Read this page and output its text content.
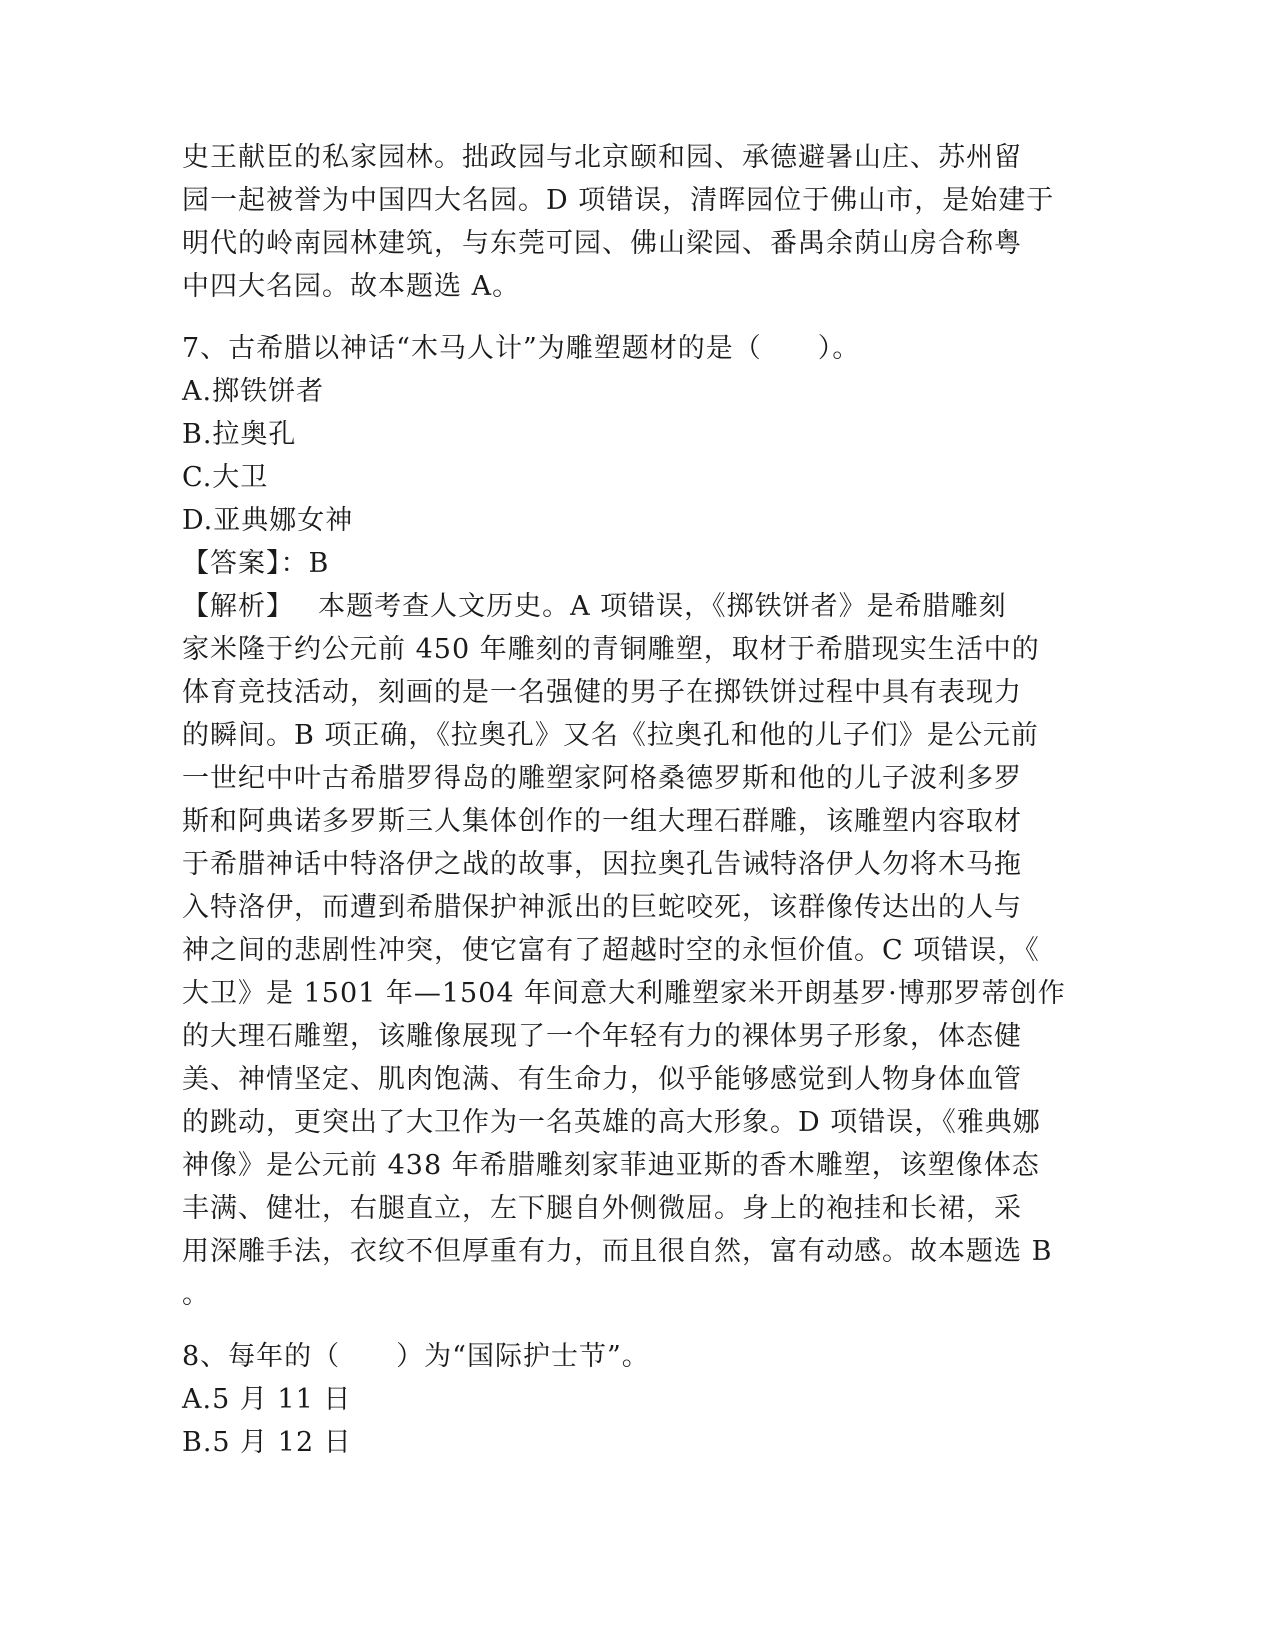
史王献臣的私家园林。拙政园与北京颐和园、承德避暑山庄、苏州留
园一起被誉为中国四大名园。D 项错误，清晖园位于佛山市，是始建于
明代的岭南园林建筑，与东莞可园、佛山梁园、番禺余荫山房合称粤
中四大名园。故本题选 A。
7、古希腊以神话“木马人计”为雕塑题材的是（　　）。
A.掷铁饼者
B.拉奥孔
C.大卫
D.亚典娜女神
【答案】：B
【解析】　 本题考查人文历史。A 项错误，《掷铁饼者》是希腊雕刻
家米隆于约公元前 450 年雕刻的青铜雕塑，取材于希腊现实生活中的
体育竞技活动，刻画的是一名强健的男子在掷铁饼过程中具有表现力
的瞬间。B 项正确，《拉奥孔》又名《拉奥孔和他的儿子们》是公元前
一世纪中叶古希腊罗得岛的雕塑家阿格桑德罗斯和他的儿子波利多罗
斯和阿典诺多罗斯三人集体创作的一组大理石群雕，该雕塑内容取材
于希腊神话中特洛伊之战的故事，因拉奥孔告诫特洛伊人勿将木马拖
入特洛伊，而遭到希腊保护神派出的巨蛇咬死，该群像传达出的人与
神之间的悲剧性冲突，使它富有了超越时空的永恒价值。C 项错误，《
大卫》是 1501 年—1504 年间意大利雕塑家米开朗基罗·博那罗蒂创作
的大理石雕塑，该雕像展现了一个年轻有力的裸体男子形象，体态健
美、神情坚定、肌肉饱满、有生命力，似乎能够感觉到人物身体血管
的跳动，更突出了大卫作为一名英雄的高大形象。D 项错误，《雅典娜
神像》是公元前 438 年希腊雕刻家菲迪亚斯的香木雕塑，该塑像体态
丰满、健壮，右腿直立，左下腿自外侧微屈。身上的袍挂和长裙，采
用深雕手法，衣纹不但厚重有力，而且很自然，富有动感。故本题选 B
。
8、每年的（　　）为“国际护士节”。
A.5 月 11 日
B.5 月 12 日
